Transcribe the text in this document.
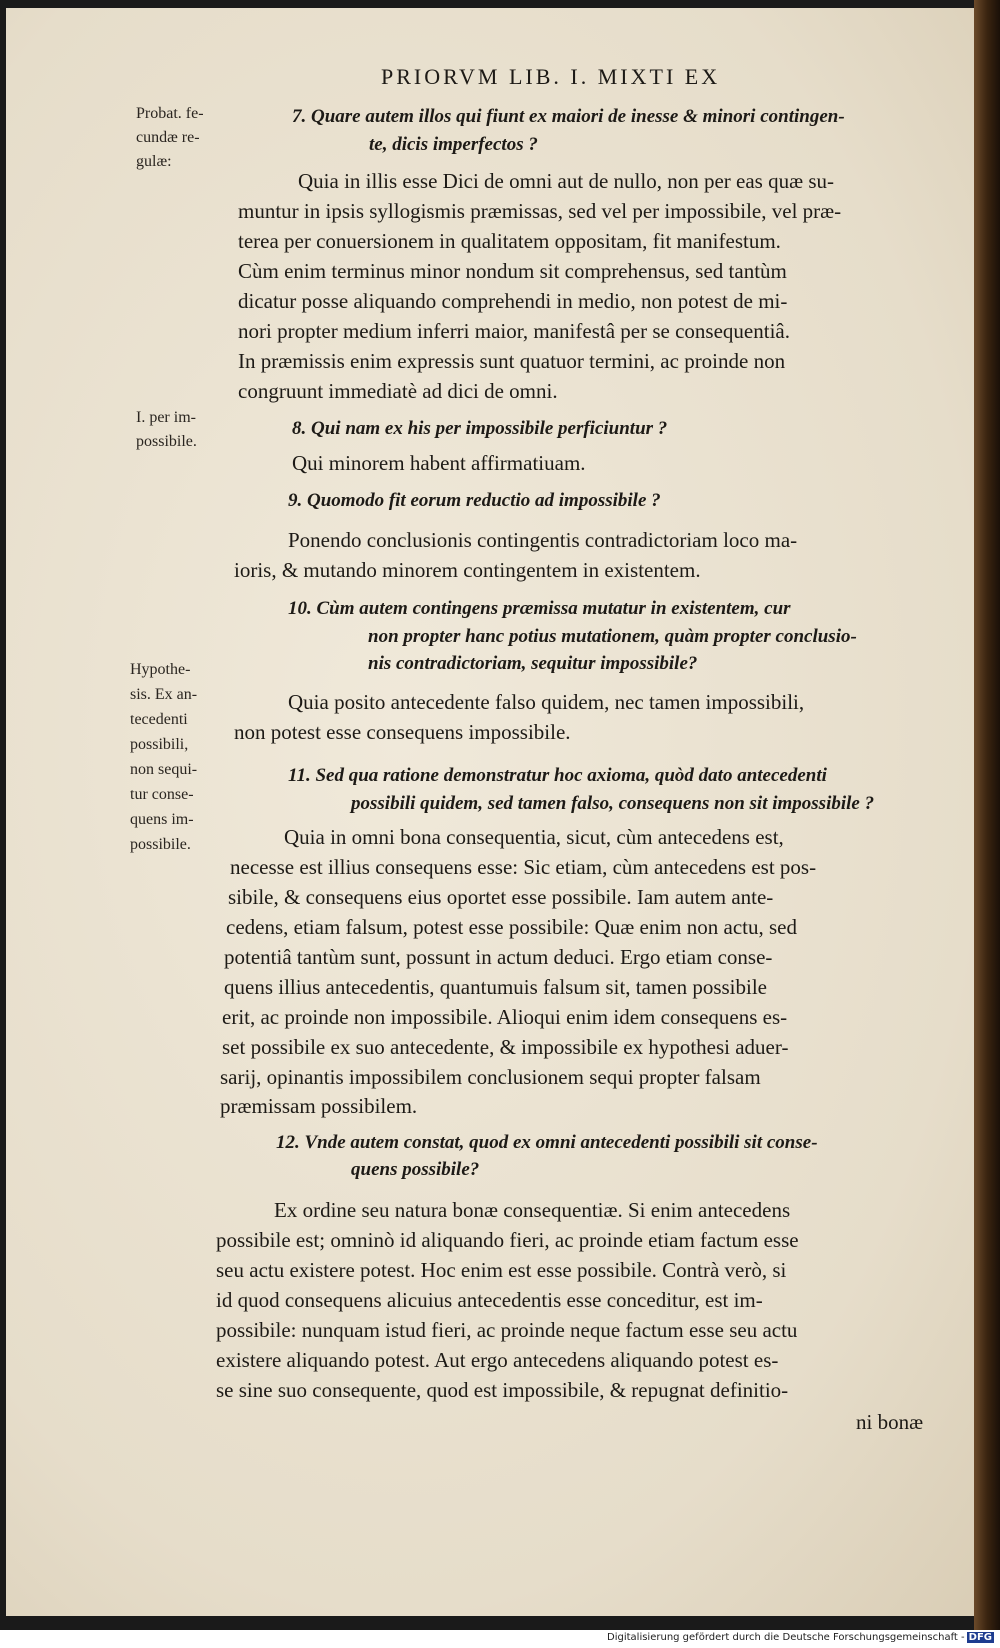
PRIORVM LIB. I. MIXTI EX
Probat. fe-
cundæ re-
gulæ:
I. per im-
possibile.
Hypothe-
sis. Ex an-
tecedenti
possibili,
non sequi-
tur conse-
quens im-
possibile.
7. Quare autem illos qui fiunt ex maiori de inesse & minori contingen-
te, dicis imperfectos ?
Quia in illis esse Dici de omni aut de nullo, non per eas quæ su-
muntur in ipsis syllogismis præmissas, sed vel per impossibile, vel præ-
terea per conuersionem in qualitatem oppositam, fit manifestum.
Cùm enim terminus minor nondum sit comprehensus, sed tantùm
dicatur posse aliquando comprehendi in medio, non potest de mi-
nori propter medium inferri maior, manifestâ per se consequentiâ.
In præmissis enim expressis sunt quatuor termini, ac proinde non
congruunt immediatè ad dici de omni.
8. Qui nam ex his per impossibile perficiuntur ?
Qui minorem habent affirmatiuam.
9. Quomodo fit eorum reductio ad impossibile ?
Ponendo conclusionis contingentis contradictoriam loco ma-
ioris, & mutando minorem contingentem in existentem.
10. Cùm autem contingens præmissa mutatur in existentem, cur
non propter hanc potius mutationem, quàm propter conclusio-
nis contradictoriam, sequitur impossibile?
Quia posito antecedente falso quidem, nec tamen impossibili,
non potest esse consequens impossibile.
11. Sed qua ratione demonstratur hoc axioma, quòd dato antecedenti
possibili quidem, sed tamen falso, consequens non sit impossibile ?
Quia in omni bona consequentia, sicut, cùm antecedens est,
necesse est illius consequens esse: Sic etiam, cùm antecedens est pos-
sibile, & consequens eius oportet esse possibile. Iam autem ante-
cedens, etiam falsum, potest esse possibile: Quæ enim non actu, sed
potentiâ tantùm sunt, possunt in actum deduci. Ergo etiam conse-
quens illius antecedentis, quantumuis falsum sit, tamen possibile
erit, ac proinde non impossibile. Alioqui enim idem consequens es-
set possibile ex suo antecedente, & impossibile ex hypothesi aduer-
sarij, opinantis impossibilem conclusionem sequi propter falsam
præmissam possibilem.
12. Vnde autem constat, quod ex omni antecedenti possibili sit conse-
quens possibile?
Ex ordine seu natura bonæ consequentiæ. Si enim antecedens
possibile est; omninò id aliquando fieri, ac proinde etiam factum esse
seu actu existere potest. Hoc enim est esse possibile. Contrà verò, si
id quod consequens alicuius antecedentis esse conceditur, est im-
possibile: nunquam istud fieri, ac proinde neque factum esse seu actu
existere aliquando potest. Aut ergo antecedens aliquando potest es-
se sine suo consequente, quod est impossibile, & repugnat definitio-
ni bonæ
Digitalisierung gefördert durch die Deutsche Forschungsgemeinschaft - DFG
